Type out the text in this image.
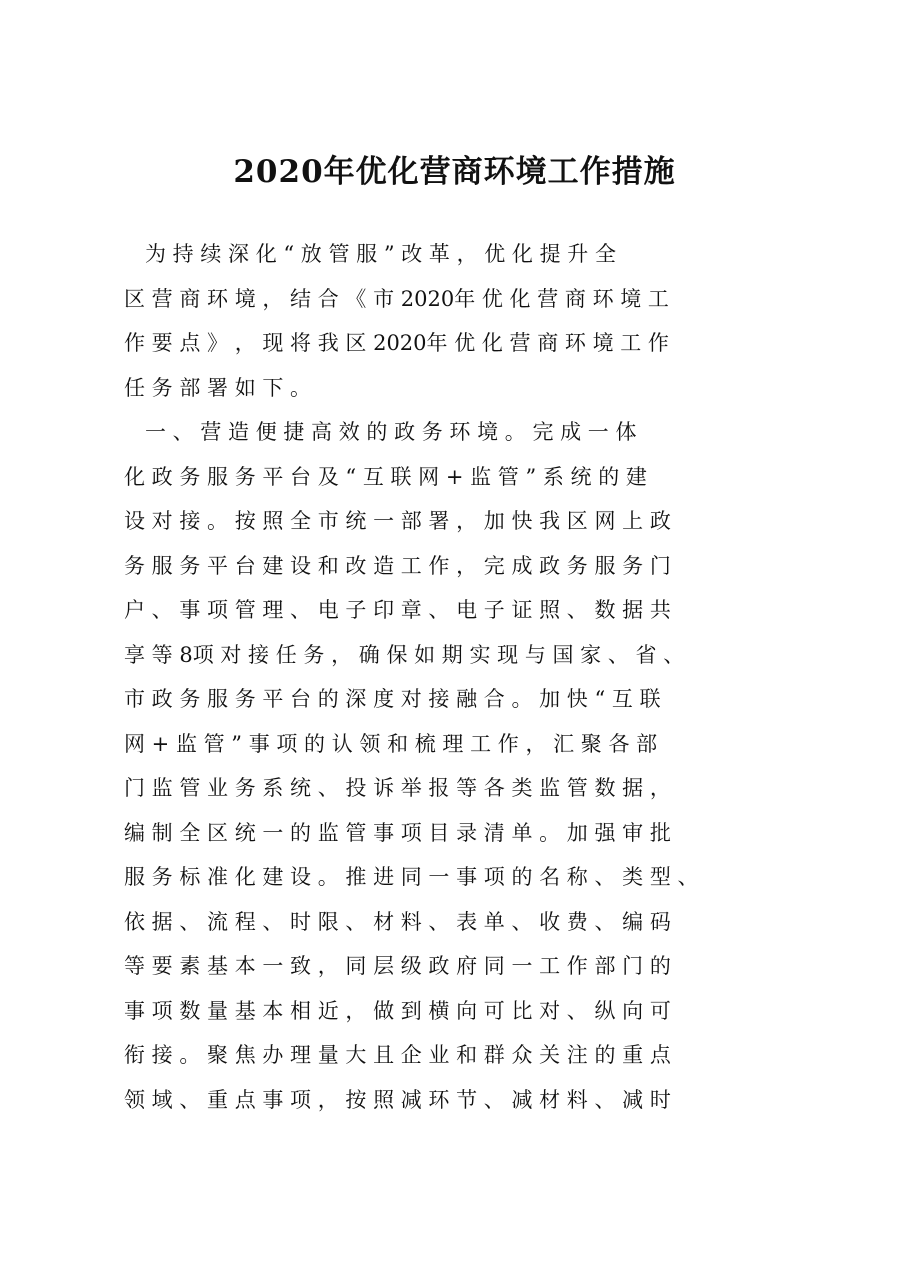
2020年优化营商环境工作措施

　为 持 续 深 化 “ 放 管 服 ” 改 革 ， 优 化 提 升 全

区 营 商 环 境 ， 结 合 《 市 2020年 优 化 营 商 环 境 工

作 要 点 》 ， 现 将 我 区 2020年 优 化 营 商 环 境 工 作

任 务 部 署 如 下 。

　一 、 营 造 便 捷 高 效 的 政 务 环 境 。 完 成 一 体

化 政 务 服 务 平 台 及 “ 互 联 网 + 监 管 ” 系 统 的 建

设 对 接 。 按 照 全 市 统 一 部 署 ， 加 快 我 区 网 上 政

务 服 务 平 台 建 设 和 改 造 工 作 ， 完 成 政 务 服 务 门

户 、 事 项 管 理 、 电 子 印 章 、 电 子 证 照 、 数 据 共

享 等 8项 对 接 任 务 ， 确 保 如 期 实 现 与 国 家 、 省 、

市 政 务 服 务 平 台 的 深 度 对 接 融 合 。 加 快 “ 互 联

网 + 监 管 ” 事 项 的 认 领 和 梳 理 工 作 ， 汇 聚 各 部

门 监 管 业 务 系 统 、 投 诉 举 报 等 各 类 监 管 数 据 ，

编 制 全 区 统 一 的 监 管 事 项 目 录 清 单 。 加 强 审 批

服 务 标 准 化 建 设 。 推 进 同 一 事 项 的 名 称 、 类 型 、

依 据 、 流 程 、 时 限 、 材 料 、 表 单 、 收 费 、 编 码

等 要 素 基 本 一 致 ， 同 层 级 政 府 同 一 工 作 部 门 的

事 项 数 量 基 本 相 近 ， 做 到 横 向 可 比 对 、 纵 向 可

衔 接 。 聚 焦 办 理 量 大 且 企 业 和 群 众 关 注 的 重 点

领 域 、 重 点 事 项 ， 按 照 减 环 节 、 减 材 料 、 减 时
